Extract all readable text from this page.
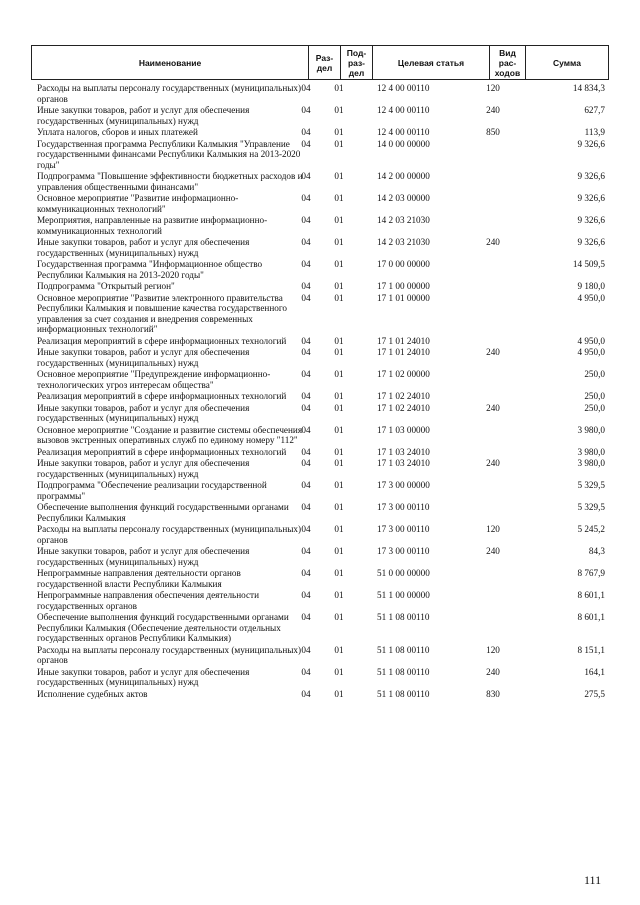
Наименование	Раз-
дел
Под-
раз-
дел
Целевая статья
Вид
рас-
ходов
Сумма
Расходы на выплаты персоналу государственных (муниципальных) органов
04	01	12 4 00 00110	120	14 834,3
Иные закупки товаров, работ и услуг для обеспечения государственных (муниципальных) нужд
04	01	12 4 00 00110	240	627,7
Уплата налогов, сборов и иных платежей	04	01	12 4 00 00110	850	113,9
Государственная программа Республики Калмыкия "Управление государственными финансами Республики Калмыкия на 2013-2020 годы"
04	01	14 0 00 00000	9 326,6
Подпрограмма "Повышение эффективности бюджетных расходов и управления общественными финансами"
04	01	14 2 00 00000	9 326,6
Основное мероприятие "Развитие информационно-коммуникационных технологий"
04	01	14 2 03 00000	9 326,6
Мероприятия, направленные на развитие информационно-коммуникационных технологий
04	01	14 2 03 21030	9 326,6
Иные закупки товаров, работ и услуг для обеспечения государственных (муниципальных) нужд
04	01	14 2 03 21030	240	9 326,6
Государственная программа "Информационное общество Республики Калмыкия на 2013-2020 годы"
04	01	17 0 00 00000	14 509,5
Подпрограмма "Открытый регион"	04	01	17 1 00 00000	9 180,0
Основное мероприятие "Развитие электронного правительства Республики Калмыкия и повышение качества государственного управления за счет создания и внедрения современных информационных технологий"
04	01	17 1 01 00000	4 950,0
Реализация мероприятий в сфере информационных технологий	04	01	17 1 01 24010	4 950,0
Иные закупки товаров, работ и услуг для обеспечения государственных (муниципальных) нужд
04	01	17 1 01 24010	240	4 950,0
Основное мероприятие "Предупреждение информационно-технологических угроз интересам общества"
04	01	17 1 02 00000	250,0
Реализация мероприятий в сфере информационных технологий	04	01	17 1 02 24010	250,0
Иные закупки товаров, работ и услуг для обеспечения государственных (муниципальных) нужд
04	01	17 1 02 24010	240	250,0
Основное мероприятие "Создание и развитие системы обеспечения вызовов экстренных оперативных служб по единому номеру "112"
04	01	17 1 03 00000	3 980,0
Реализация мероприятий в сфере информационных технологий	04	01	17 1 03 24010	3 980,0
Иные закупки товаров, работ и услуг для обеспечения государственных (муниципальных) нужд
04	01	17 1 03 24010	240	3 980,0
Подпрограмма "Обеспечение реализации государственной программы"
04	01	17 3 00 00000	5 329,5
Обеспечение выполнения функций государственными органами Республики Калмыкия
04	01	17 3 00 00110	5 329,5
Расходы на выплаты персоналу государственных (муниципальных) органов
04	01	17 3 00 00110	120	5 245,2
Иные закупки товаров, работ и услуг для обеспечения государственных (муниципальных) нужд
04	01	17 3 00 00110	240	84,3
Непрограммные направления деятельности органов государственной власти Республики Калмыкия
04	01	51 0 00 00000	8 767,9
Непрограммные направления обеспечения деятельности государственных органов
04	01	51 1 00 00000	8 601,1
Обеспечение выполнения функций государственными органами Республики Калмыкия (Обеспечение деятельности отдельных государственных органов Республики Калмыкия)
04	01	51 1 08 00110	8 601,1
Расходы на выплаты персоналу государственных (муниципальных) органов
04	01	51 1 08 00110	120	8 151,1
Иные закупки товаров, работ и услуг для обеспечения государственных (муниципальных) нужд
04	01	51 1 08 00110	240	164,1
Исполнение судебных актов	04	01	51 1 08 00110	830	275,5
111
